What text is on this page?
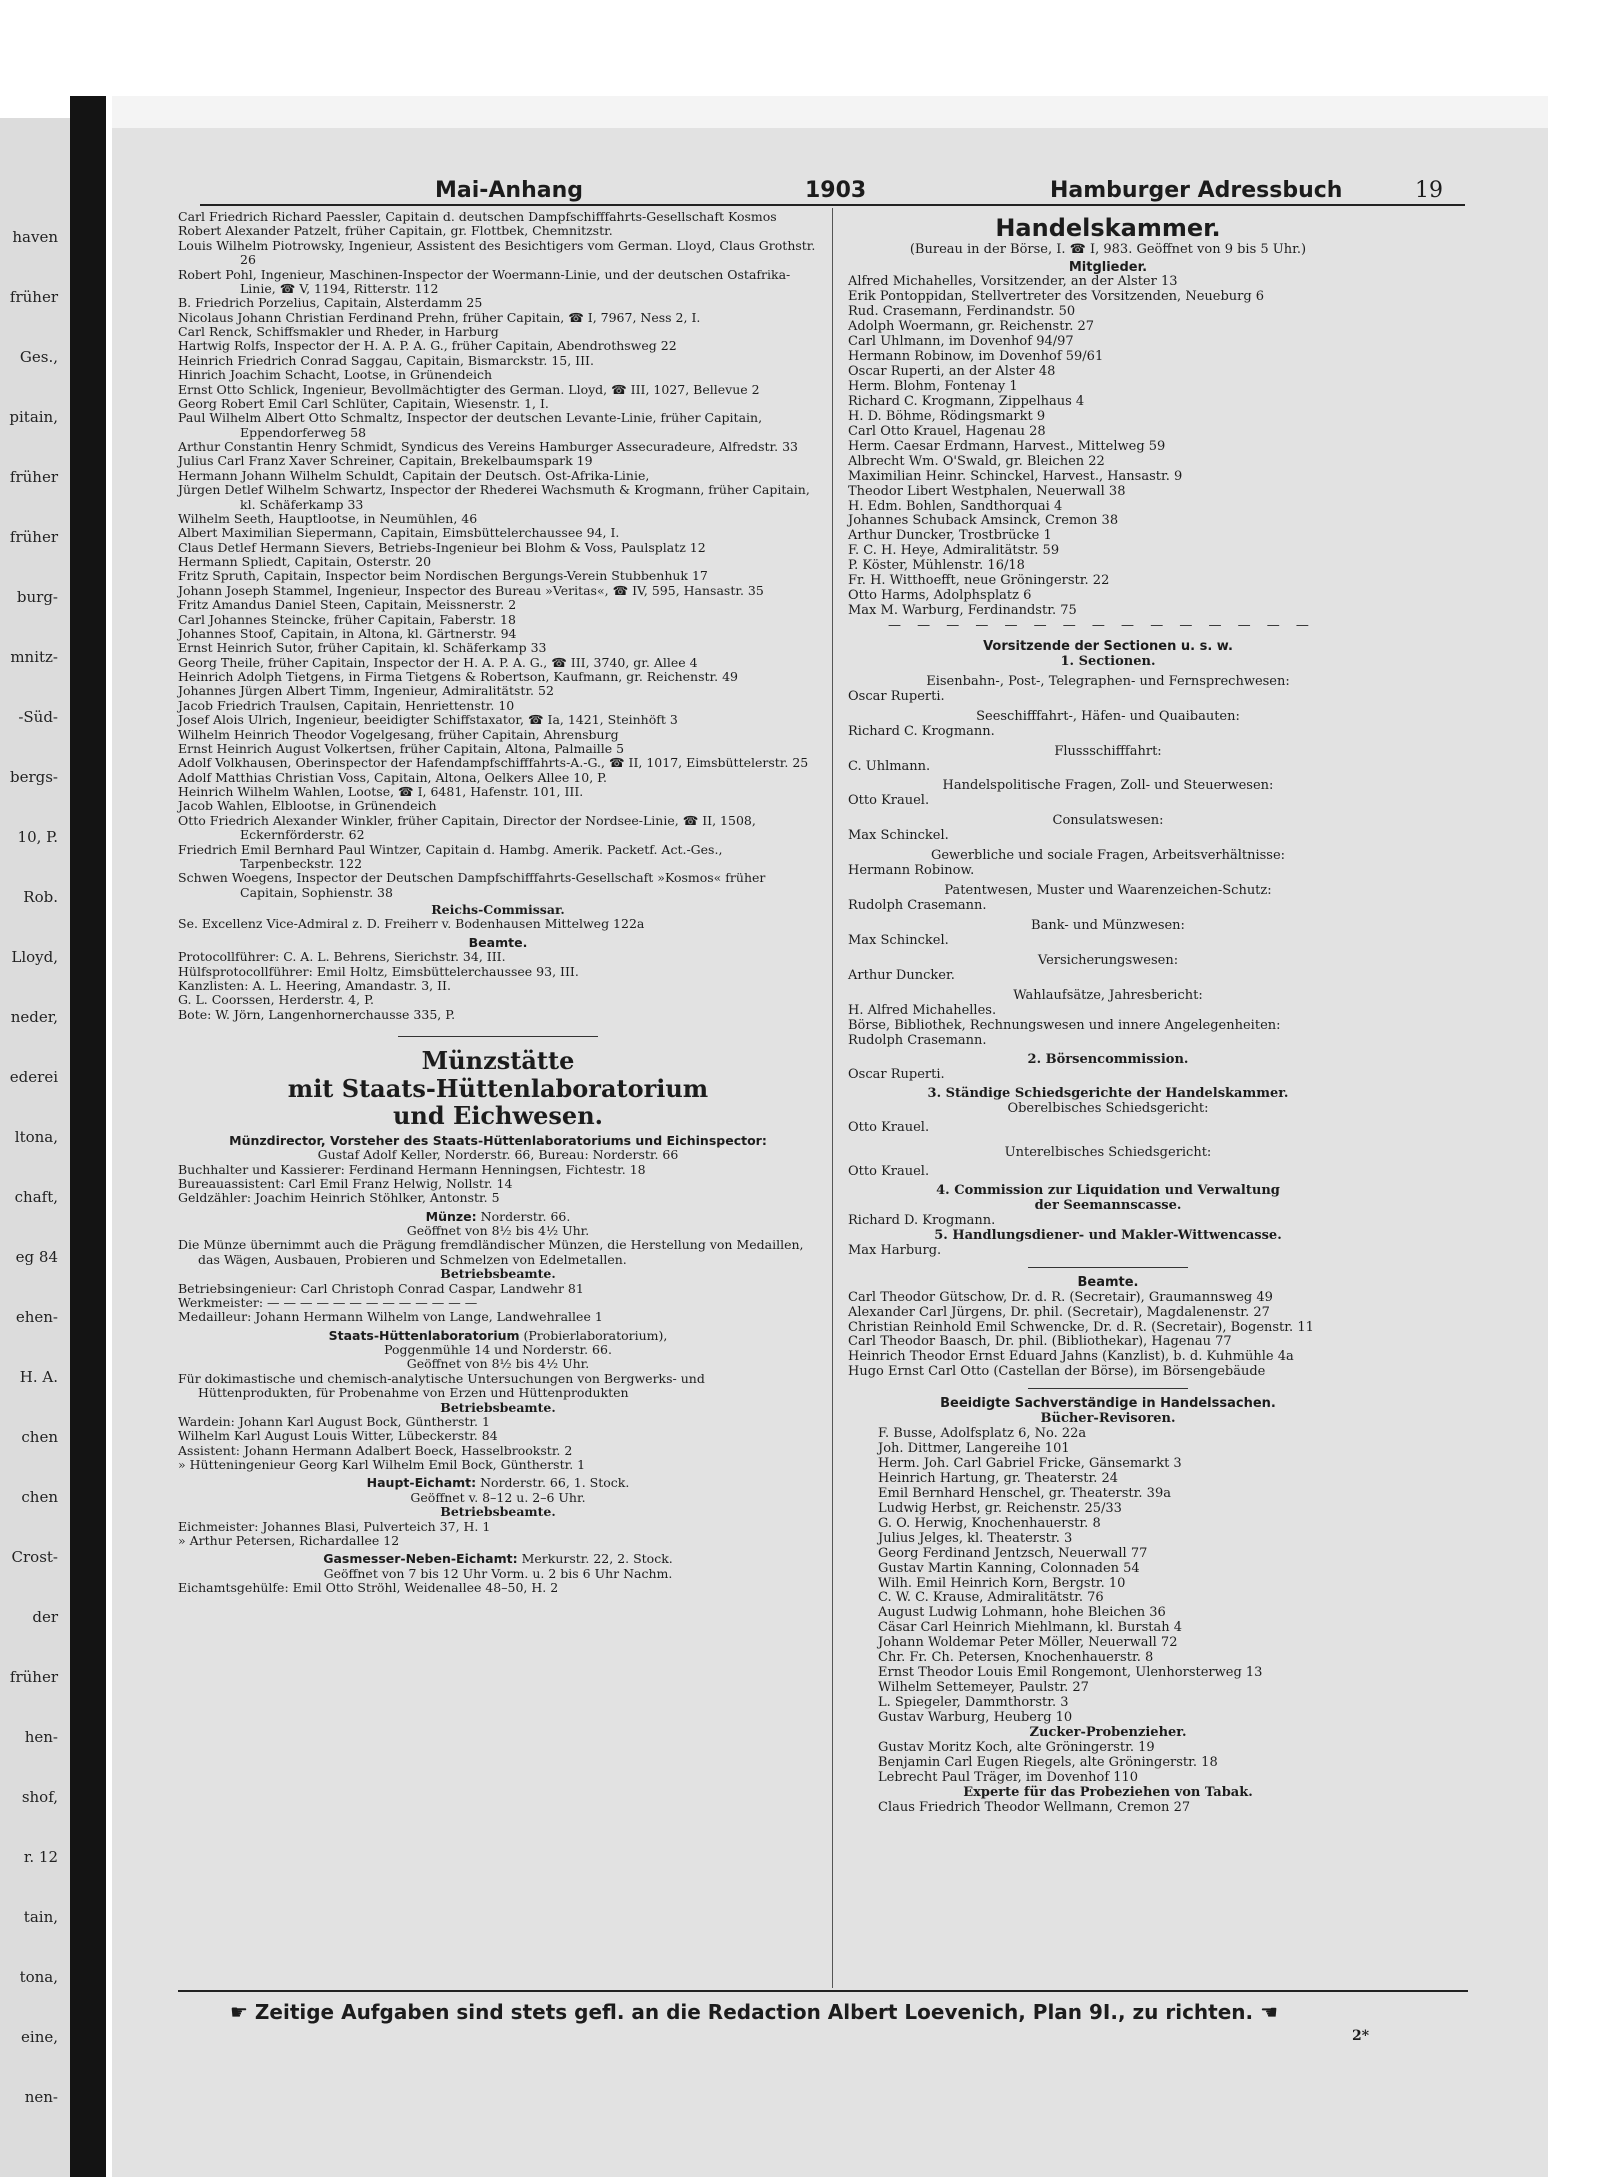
Mai-Anhang	1903	Hamburger Adressbuch	19

Carl Friedrich Richard Paessler, Capitain d. deutschen Dampfschifffahrts-Gesellschaft Kosmos

Robert Alexander Patzelt, früher Capitain, gr. Flottbek, Chemnitzstr.

Louis Wilhelm Piotrowsky, Ingenieur, Assistent des Besichtigers vom German. Lloyd, Claus Grothstr. 26

Robert Pohl, Ingenieur, Maschinen-Inspector der Woermann-Linie, und der deutschen Ostafrika-Linie, ☎ V, 1194, Ritterstr. 112

B. Friedrich Porzelius, Capitain, Alsterdamm 25

Nicolaus Johann Christian Ferdinand Prehn, früher Capitain, ☎ I, 7967, Ness 2, I.

Carl Renck, Schiffsmakler und Rheder, in Harburg

Hartwig Rolfs, Inspector der H. A. P. A. G., früher Capitain, Abendrothsweg 22

Heinrich Friedrich Conrad Saggau, Capitain, Bismarckstr. 15, III.

Hinrich Joachim Schacht, Lootse, in Grünendeich

Ernst Otto Schlick, Ingenieur, Bevollmächtigter des German. Lloyd, ☎ III, 1027, Bellevue 2

Georg Robert Emil Carl Schlüter, Capitain, Wiesenstr. 1, I.

Paul Wilhelm Albert Otto Schmaltz, Inspector der deutschen Levante-Linie, früher Capitain, Eppendorferweg 58

Arthur Constantin Henry Schmidt, Syndicus des Vereins Hamburger Assecuradeure, Alfredstr. 33

Julius Carl Franz Xaver Schreiner, Capitain, Brekelbaumspark 19

Hermann Johann Wilhelm Schuldt, Capitain der Deutsch. Ost-Afrika-Linie,

Jürgen Detlef Wilhelm Schwartz, Inspector der Rhederei Wachsmuth & Krogmann, früher Capitain, kl. Schäferkamp 33

Wilhelm Seeth, Hauptlootse, in Neumühlen, 46

Albert Maximilian Siepermann, Capitain, Eimsbüttelerchaussee 94, I.

Claus Detlef Hermann Sievers, Betriebs-Ingenieur bei Blohm & Voss, Paulsplatz 12

Hermann Spliedt, Capitain, Osterstr. 20

Fritz Spruth, Capitain, Inspector beim Nordischen Bergungs-Verein Stubbenhuk 17

Johann Joseph Stammel, Ingenieur, Inspector des Bureau »Veritas«, ☎ IV, 595, Hansastr. 35

Fritz Amandus Daniel Steen, Capitain, Meissnerstr. 2

Carl Johannes Steincke, früher Capitain, Faberstr. 18

Johannes Stoof, Capitain, in Altona, kl. Gärtnerstr. 94

Ernst Heinrich Sutor, früher Capitain, kl. Schäferkamp 33

Georg Theile, früher Capitain, Inspector der H. A. P. A. G., ☎ III, 3740, gr. Allee 4

Heinrich Adolph Tietgens, in Firma Tietgens & Robertson, Kaufmann, gr. Reichenstr. 49

Johannes Jürgen Albert Timm, Ingenieur, Admiralitätstr. 52

Jacob Friedrich Traulsen, Capitain, Henriettenstr. 10

Josef Alois Ulrich, Ingenieur, beeidigter Schiffstaxator, ☎ Ia, 1421, Steinhöft 3

Wilhelm Heinrich Theodor Vogelgesang, früher Capitain, Ahrensburg

Ernst Heinrich August Volkertsen, früher Capitain, Altona, Palmaille 5

Adolf Volkhausen, Oberinspector der Hafendampfschifffahrts-A.-G., ☎ II, 1017, Eimsbüttelerstr. 25

Adolf Matthias Christian Voss, Capitain, Altona, Oelkers Allee 10, P.

Heinrich Wilhelm Wahlen, Lootse, ☎ I, 6481, Hafenstr. 101, III.

Jacob Wahlen, Elblootse, in Grünendeich

Otto Friedrich Alexander Winkler, früher Capitain, Director der Nordsee-Linie, ☎ II, 1508, Eckernförderstr. 62

Friedrich Emil Bernhard Paul Wintzer, Capitain d. Hambg. Amerik. Packetf. Act.-Ges., Tarpenbeckstr. 122

Schwen Woegens, Inspector der Deutschen Dampfschifffahrts-Gesellschaft »Kosmos« früher Capitain, Sophienstr. 38

Reichs-Commissar.

Se. Excellenz Vice-Admiral z. D. Freiherr v. Bodenhausen Mittelweg 122a

Beamte.

Protocollführer: C. A. L. Behrens, Sierichstr. 34, III.

Hülfsprotocollführer: Emil Holtz, Eimsbüttelerchaussee 93, III.

Kanzlisten: A. L. Heering, Amandastr. 3, II.

G. L. Coorssen, Herderstr. 4, P.

Bote: W. Jörn, Langenhornerchausse 335, P.

Münzstätte

mit Staats-Hüttenlaboratorium

und Eichwesen.

Münzdirector, Vorsteher des Staats-Hüttenlaboratoriums und Eichinspector:

Gustaf Adolf Keller, Norderstr. 66, Bureau: Norderstr. 66

Buchhalter und Kassierer: Ferdinand Hermann Henningsen, Fichtestr. 18

Bureauassistent: Carl Emil Franz Helwig, Nollstr. 14

Geldzähler: Joachim Heinrich Stöhlker, Antonstr. 5

Münze: Norderstr. 66.

Geöffnet von 8½ bis 4½ Uhr.

Die Münze übernimmt auch die Prägung fremdländischer Münzen, die Herstellung von Medaillen, das Wägen, Ausbauen, Probieren und Schmelzen von Edelmetallen.

Betriebsbeamte.

Betriebsingenieur: Carl Christoph Conrad Caspar, Landwehr 81

Werkmeister: — — — — — — — — — — — — —

Medailleur: Johann Hermann Wilhelm von Lange, Landwehrallee 1

Staats-Hüttenlaboratorium (Probierlaboratorium),

Poggenmühle 14 und Norderstr. 66.

Geöffnet von 8½ bis 4½ Uhr.

Für dokimastische und chemisch-analytische Untersuchungen von Bergwerks- und Hüttenprodukten, für Probenahme von Erzen und Hüttenprodukten

Betriebsbeamte.

Wardein: Johann Karl August Bock, Güntherstr. 1

Wilhelm Karl August Louis Witter, Lübeckerstr. 84

Assistent: Johann Hermann Adalbert Boeck, Hasselbrookstr. 2

» Hütteningenieur Georg Karl Wilhelm Emil Bock, Güntherstr. 1

Haupt-Eichamt: Norderstr. 66, 1. Stock.

Geöffnet v. 8–12 u. 2–6 Uhr.

Betriebsbeamte.

Eichmeister: Johannes Blasi, Pulverteich 37, H. 1

» Arthur Petersen, Richardallee 12

Gasmesser-Neben-Eichamt: Merkurstr. 22, 2. Stock.

Geöffnet von 7 bis 12 Uhr Vorm. u. 2 bis 6 Uhr Nachm.

Eichamtsgehülfe: Emil Otto Ströhl, Weidenallee 48–50, H. 2

Handelskammer.

(Bureau in der Börse, I. ☎ I, 983. Geöffnet von 9 bis 5 Uhr.)

Mitglieder.

Alfred Michahelles, Vorsitzender, an der Alster 13

Erik Pontoppidan, Stellvertreter des Vorsitzenden, Neueburg 6

Rud. Crasemann, Ferdinandstr. 50

Adolph Woermann, gr. Reichenstr. 27

Carl Uhlmann, im Dovenhof 94/97

Hermann Robinow, im Dovenhof 59/61

Oscar Ruperti, an der Alster 48

Herm. Blohm, Fontenay 1

Richard C. Krogmann, Zippelhaus 4

H. D. Böhme, Rödingsmarkt 9

Carl Otto Krauel, Hagenau 28

Herm. Caesar Erdmann, Harvest., Mittelweg 59

Albrecht Wm. O'Swald, gr. Bleichen 22

Maximilian Heinr. Schinckel, Harvest., Hansastr. 9

Theodor Libert Westphalen, Neuerwall 38

H. Edm. Bohlen, Sandthorquai 4

Johannes Schuback Amsinck, Cremon 38

Arthur Duncker, Trostbrücke 1

F. C. H. Heye, Admiralitätstr. 59

P. Köster, Mühlenstr. 16/18

Fr. H. Witthoefft, neue Gröningerstr. 22

Otto Harms, Adolphsplatz 6

Max M. Warburg, Ferdinandstr. 75

— — — — — — — — — — — — — — —

Vorsitzende der Sectionen u. s. w.

1. Sectionen.

Eisenbahn-, Post-, Telegraphen- und Fernsprechwesen:

Oscar Ruperti.

Seeschifffahrt-, Häfen- und Quaibauten:

Richard C. Krogmann.

Flussschifffahrt:

C. Uhlmann.

Handelspolitische Fragen, Zoll- und Steuerwesen:

Otto Krauel.

Consulatswesen:

Max Schinckel.

Gewerbliche und sociale Fragen, Arbeitsverhältnisse:

Hermann Robinow.

Patentwesen, Muster und Waarenzeichen-Schutz:

Rudolph Crasemann.

Bank- und Münzwesen:

Max Schinckel.

Versicherungswesen:

Arthur Duncker.

Wahlaufsätze, Jahresbericht:

H. Alfred Michahelles.

Börse, Bibliothek, Rechnungswesen und innere Angelegenheiten:

Rudolph Crasemann.

2. Börsencommission.

Oscar Ruperti.

3. Ständige Schiedsgerichte der Handelskammer.

Oberelbisches Schiedsgericht:

Otto Krauel.

Unterelbisches Schiedsgericht:

Otto Krauel.

4. Commission zur Liquidation und Verwaltung

der Seemannscasse.

Richard D. Krogmann.

5. Handlungsdiener- und Makler-Wittwencasse.

Max Harburg.

Beamte.

Carl Theodor Gütschow, Dr. d. R. (Secretair), Graumannsweg 49

Alexander Carl Jürgens, Dr. phil. (Secretair), Magdalenenstr. 27

Christian Reinhold Emil Schwencke, Dr. d. R. (Secretair), Bogenstr. 11

Carl Theodor Baasch, Dr. phil. (Bibliothekar), Hagenau 77

Heinrich Theodor Ernst Eduard Jahns (Kanzlist), b. d. Kuhmühle 4a

Hugo Ernst Carl Otto (Castellan der Börse), im Börsengebäude

Beeidigte Sachverständige in Handelssachen.

Bücher-Revisoren.

F. Busse, Adolfsplatz 6, No. 22a

Joh. Dittmer, Langereihe 101

Herm. Joh. Carl Gabriel Fricke, Gänsemarkt 3

Heinrich Hartung, gr. Theaterstr. 24

Emil Bernhard Henschel, gr. Theaterstr. 39a

Ludwig Herbst, gr. Reichenstr. 25/33

G. O. Herwig, Knochenhauerstr. 8

Julius Jelges, kl. Theaterstr. 3

Georg Ferdinand Jentzsch, Neuerwall 77

Gustav Martin Kanning, Colonnaden 54

Wilh. Emil Heinrich Korn, Bergstr. 10

C. W. C. Krause, Admiralitätstr. 76

August Ludwig Lohmann, hohe Bleichen 36

Cäsar Carl Heinrich Miehlmann, kl. Burstah 4

Johann Woldemar Peter Möller, Neuerwall 72

Chr. Fr. Ch. Petersen, Knochenhauerstr. 8

Ernst Theodor Louis Emil Rongemont, Ulenhorsterweg 13

Wilhelm Settemeyer, Paulstr. 27

L. Spiegeler, Dammthorstr. 3

Gustav Warburg, Heuberg 10

Zucker-Probenzieher.

Gustav Moritz Koch, alte Gröningerstr. 19

Benjamin Carl Eugen Riegels, alte Gröningerstr. 18

Lebrecht Paul Träger, im Dovenhof 110

Experte für das Probeziehen von Tabak.

Claus Friedrich Theodor Wellmann, Cremon 27

☛ Zeitige Aufgaben sind stets gefl. an die Redaction Albert Loevenich, Plan 9I., zu richten. ☚
2*
haven
früher
Ges.,
pitain,
früher
früher
burg-
mnitz-
-Süd-
bergs-
10, P.
Rob.
Lloyd,
neder,
ederei
ltona,
chaft,
eg 84
ehen-
H. A.
chen
chen
Crost-
der
früher
hen-
shof,
r. 12
tain,
tona,
eine,
nen-
